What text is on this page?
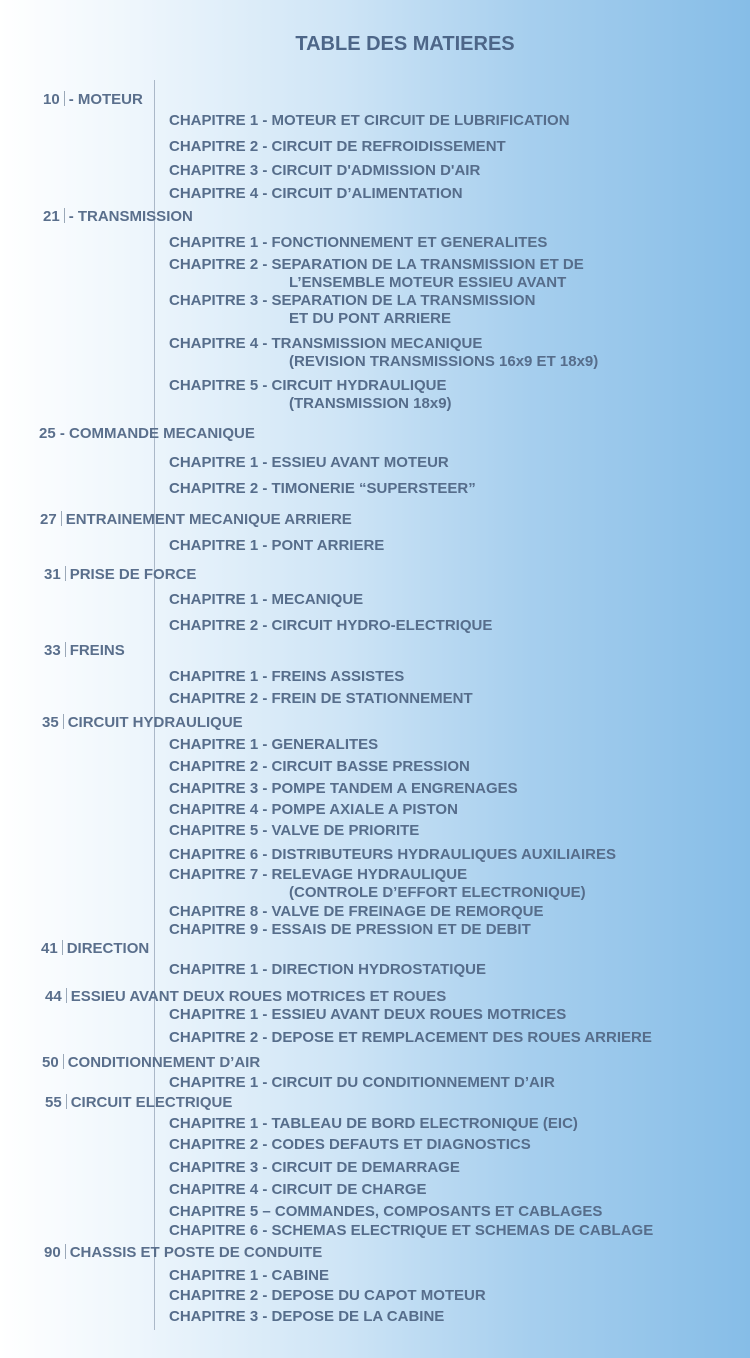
TABLE DES MATIERES
10 - MOTEUR
CHAPITRE 1 - MOTEUR ET CIRCUIT DE LUBRIFICATION
CHAPITRE 2 - CIRCUIT DE REFROIDISSEMENT
CHAPITRE 3 - CIRCUIT D'ADMISSION D'AIR
CHAPITRE 4 - CIRCUIT D’ALIMENTATION
21 - TRANSMISSION
CHAPITRE 1 - FONCTIONNEMENT ET GENERALITES
CHAPITRE 2 - SEPARATION DE LA TRANSMISSION ET DE
L’ENSEMBLE MOTEUR ESSIEU AVANT
CHAPITRE 3 - SEPARATION DE LA TRANSMISSION
ET DU PONT ARRIERE
CHAPITRE 4 - TRANSMISSION MECANIQUE
(REVISION TRANSMISSIONS 16x9 ET 18x9)
CHAPITRE 5 - CIRCUIT HYDRAULIQUE
(TRANSMISSION 18x9)
25 - COMMANDE MECANIQUE
CHAPITRE 1 - ESSIEU AVANT MOTEUR
CHAPITRE 2 - TIMONERIE “SUPERSTEER”
27 ENTRAINEMENT MECANIQUE ARRIERE
CHAPITRE 1 - PONT ARRIERE
31 PRISE DE FORCE
CHAPITRE 1 - MECANIQUE
CHAPITRE 2 - CIRCUIT HYDRO-ELECTRIQUE
33 FREINS
CHAPITRE 1 - FREINS ASSISTES
CHAPITRE 2 - FREIN DE STATIONNEMENT
35 CIRCUIT HYDRAULIQUE
CHAPITRE 1 - GENERALITES
CHAPITRE 2 - CIRCUIT BASSE PRESSION
CHAPITRE 3 - POMPE TANDEM A ENGRENAGES
CHAPITRE 4 - POMPE AXIALE A PISTON
CHAPITRE 5 - VALVE DE PRIORITE
CHAPITRE 6 - DISTRIBUTEURS HYDRAULIQUES AUXILIAIRES
CHAPITRE 7 - RELEVAGE HYDRAULIQUE
(CONTROLE D’EFFORT ELECTRONIQUE)
CHAPITRE 8 - VALVE DE FREINAGE DE REMORQUE
CHAPITRE 9 - ESSAIS DE PRESSION ET DE DEBIT
41 DIRECTION
CHAPITRE 1 - DIRECTION HYDROSTATIQUE
44 ESSIEU AVANT DEUX ROUES MOTRICES ET ROUES
CHAPITRE 1 - ESSIEU AVANT DEUX ROUES MOTRICES
CHAPITRE 2 - DEPOSE ET REMPLACEMENT DES ROUES ARRIERE
50 CONDITIONNEMENT D’AIR
CHAPITRE 1 - CIRCUIT DU CONDITIONNEMENT D’AIR
55 CIRCUIT ELECTRIQUE
CHAPITRE 1 - TABLEAU DE BORD ELECTRONIQUE (EIC)
CHAPITRE 2 - CODES DEFAUTS ET DIAGNOSTICS
CHAPITRE 3 - CIRCUIT DE DEMARRAGE
CHAPITRE 4 - CIRCUIT DE CHARGE
CHAPITRE 5 – COMMANDES, COMPOSANTS ET CABLAGES
CHAPITRE 6 - SCHEMAS ELECTRIQUE ET SCHEMAS DE CABLAGE
90 CHASSIS ET POSTE DE CONDUITE
CHAPITRE 1 - CABINE
CHAPITRE 2 - DEPOSE DU CAPOT MOTEUR
CHAPITRE 3 - DEPOSE DE LA CABINE
